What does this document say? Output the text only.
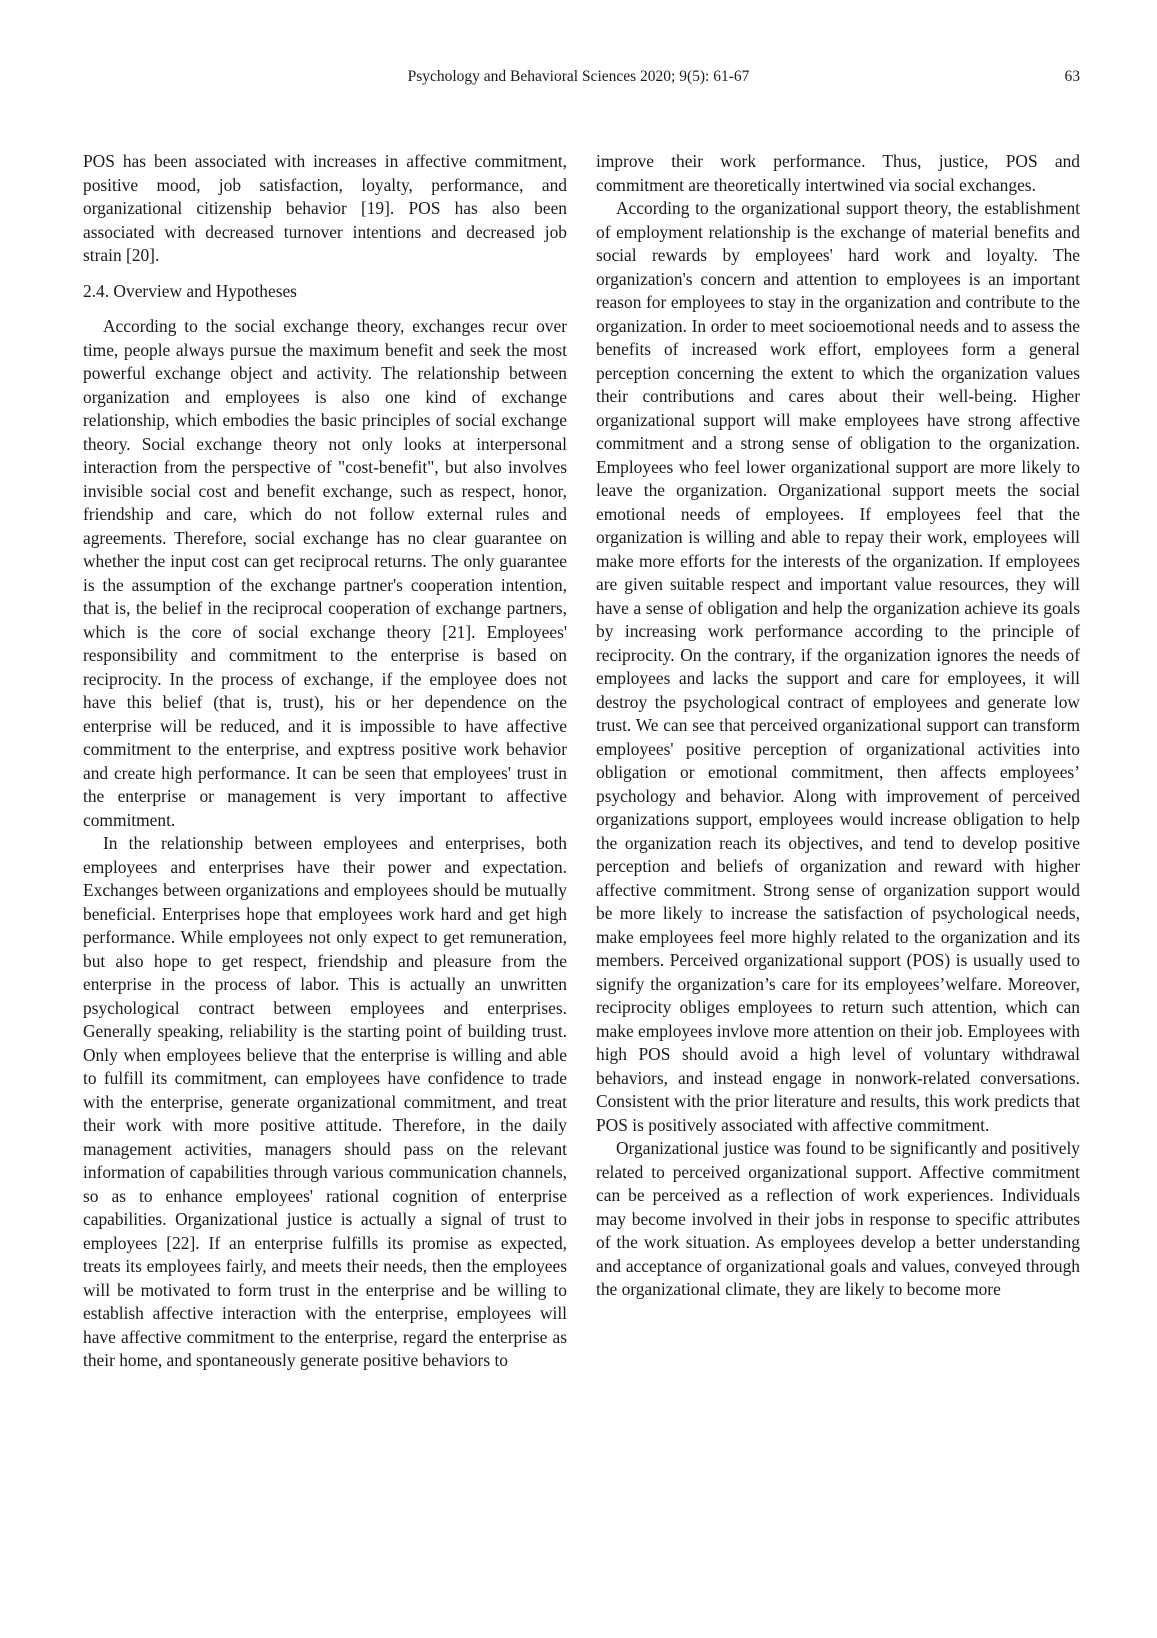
Psychology and Behavioral Sciences 2020; 9(5): 61-67	63

POS has been associated with increases in affective commitment, positive mood, job satisfaction, loyalty, performance, and organizational citizenship behavior [19]. POS has also been associated with decreased turnover intentions and decreased job strain [20].

2.4. Overview and Hypotheses

According to the social exchange theory, exchanges recur over time, people always pursue the maximum benefit and seek the most powerful exchange object and activity. The relationship between organization and employees is also one kind of exchange relationship, which embodies the basic principles of social exchange theory. Social exchange theory not only looks at interpersonal interaction from the perspective of "cost-benefit", but also involves invisible social cost and benefit exchange, such as respect, honor, friendship and care, which do not follow external rules and agreements. Therefore, social exchange has no clear guarantee on whether the input cost can get reciprocal returns. The only guarantee is the assumption of the exchange partner's cooperation intention, that is, the belief in the reciprocal cooperation of exchange partners, which is the core of social exchange theory [21]. Employees' responsibility and commitment to the enterprise is based on reciprocity. In the process of exchange, if the employee does not have this belief (that is, trust), his or her dependence on the enterprise will be reduced, and it is impossible to have affective commitment to the enterprise, and exptress positive work behavior and create high performance. It can be seen that employees' trust in the enterprise or management is very important to affective commitment.

In the relationship between employees and enterprises, both employees and enterprises have their power and expectation. Exchanges between organizations and employees should be mutually beneficial. Enterprises hope that employees work hard and get high performance. While employees not only expect to get remuneration, but also hope to get respect, friendship and pleasure from the enterprise in the process of labor. This is actually an unwritten psychological contract between employees and enterprises. Generally speaking, reliability is the starting point of building trust. Only when employees believe that the enterprise is willing and able to fulfill its commitment, can employees have confidence to trade with the enterprise, generate organizational commitment, and treat their work with more positive attitude. Therefore, in the daily management activities, managers should pass on the relevant information of capabilities through various communication channels, so as to enhance employees' rational cognition of enterprise capabilities. Organizational justice is actually a signal of trust to employees [22]. If an enterprise fulfills its promise as expected, treats its employees fairly, and meets their needs, then the employees will be motivated to form trust in the enterprise and be willing to establish affective interaction with the enterprise, employees will have affective commitment to the enterprise, regard the enterprise as their home, and spontaneously generate positive behaviors to

improve their work performance. Thus, justice, POS and commitment are theoretically intertwined via social exchanges.

According to the organizational support theory, the establishment of employment relationship is the exchange of material benefits and social rewards by employees' hard work and loyalty. The organization's concern and attention to employees is an important reason for employees to stay in the organization and contribute to the organization. In order to meet socioemotional needs and to assess the benefits of increased work effort, employees form a general perception concerning the extent to which the organization values their contributions and cares about their well-being. Higher organizational support will make employees have strong affective commitment and a strong sense of obligation to the organization. Employees who feel lower organizational support are more likely to leave the organization. Organizational support meets the social emotional needs of employees. If employees feel that the organization is willing and able to repay their work, employees will make more efforts for the interests of the organization. If employees are given suitable respect and important value resources, they will have a sense of obligation and help the organization achieve its goals by increasing work performance according to the principle of reciprocity. On the contrary, if the organization ignores the needs of employees and lacks the support and care for employees, it will destroy the psychological contract of employees and generate low trust. We can see that perceived organizational support can transform employees' positive perception of organizational activities into obligation or emotional commitment, then affects employees’ psychology and behavior. Along with improvement of perceived organizations support, employees would increase obligation to help the organization reach its objectives, and tend to develop positive perception and beliefs of organization and reward with higher affective commitment. Strong sense of organization support would be more likely to increase the satisfaction of psychological needs, make employees feel more highly related to the organization and its members. Perceived organizational support (POS) is usually used to signify the organization’s care for its employees’welfare. Moreover, reciprocity obliges employees to return such attention, which can make employees invlove more attention on their job. Employees with high POS should avoid a high level of voluntary withdrawal behaviors, and instead engage in nonwork-related conversations. Consistent with the prior literature and results, this work predicts that POS is positively associated with affective commitment.

Organizational justice was found to be significantly and positively related to perceived organizational support. Affective commitment can be perceived as a reflection of work experiences. Individuals may become involved in their jobs in response to specific attributes of the work situation. As employees develop a better understanding and acceptance of organizational goals and values, conveyed through the organizational climate, they are likely to become more
